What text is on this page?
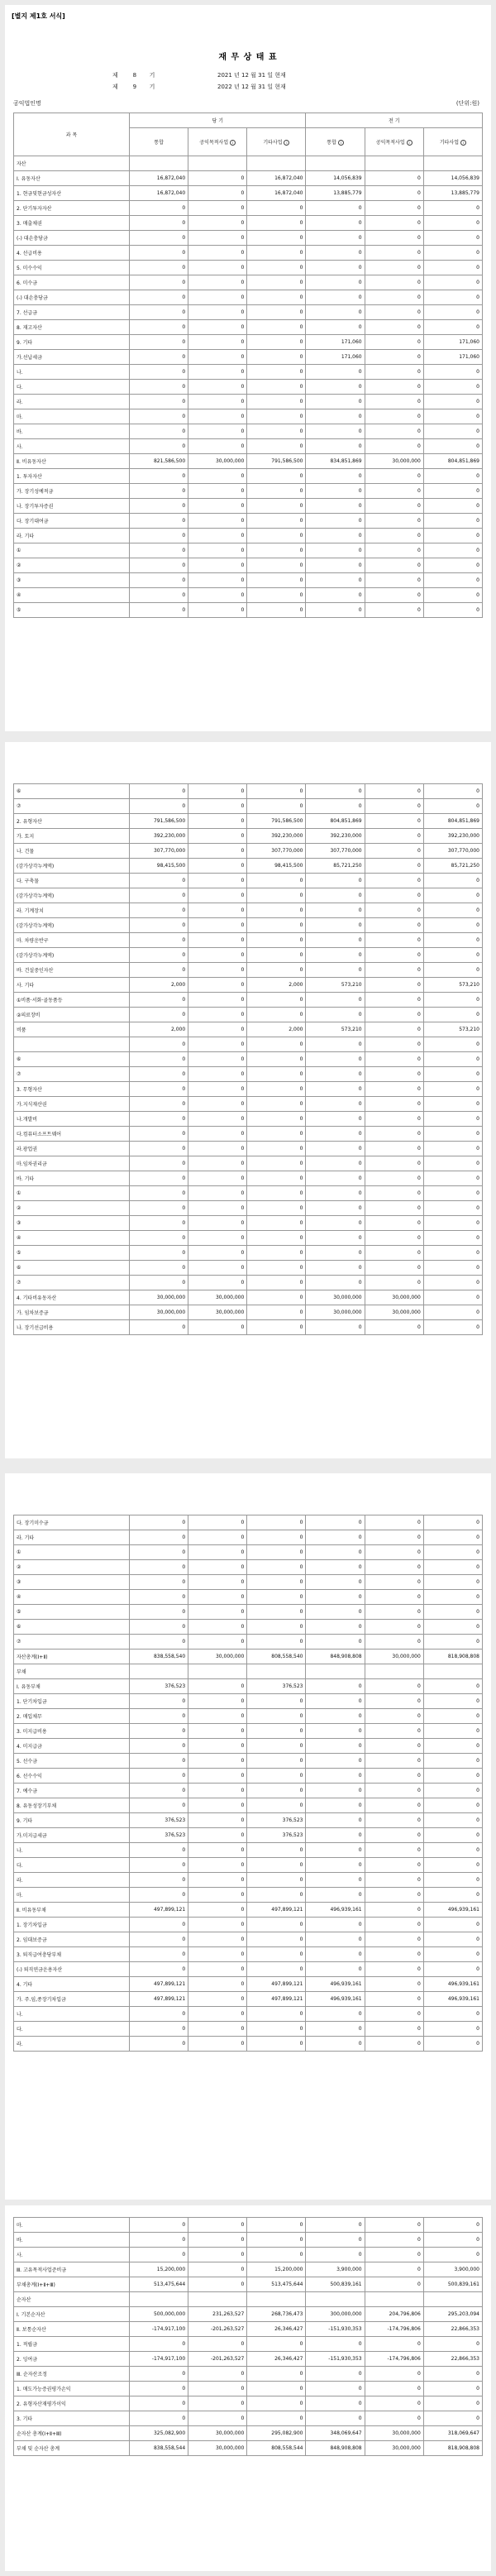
[별지 제1호 서식]
재 무 상 태 표
제        8       기                                  2021 년 12 월 31 일 현재
제        9       기                                  2022 년 12 월 31 일 현재
공익법인명	(단위:원)
과 목	당 기			전 기		
	통합	공익목적사업 i	기타사업 i	통합 i	공익목적사업 i	기타사업 i
자산						
Ⅰ. 유동자산	16,872,040	0	16,872,040	14,056,839	0	14,056,839
1. 현금및현금성자산	16,872,040	0	16,872,040	13,885,779	0	13,885,779
2. 단기투자자산	0	0	0	0	0	0
3. 매출채권	0	0	0	0	0	0
(-) 대손충당금	0	0	0	0	0	0
4. 선급비용	0	0	0	0	0	0
5. 미수수익	0	0	0	0	0	0
6. 미수금	0	0	0	0	0	0
(-) 대손충당금	0	0	0	0	0	0
7. 선급금	0	0	0	0	0	0
8. 재고자산	0	0	0	0	0	0
9. 기타	0	0	0	171,060	0	171,060
가.선납세금	0	0	0	171,060	0	171,060
나.	0	0	0	0	0	0
다.	0	0	0	0	0	0
라.	0	0	0	0	0	0
마.	0	0	0	0	0	0
바.	0	0	0	0	0	0
사.	0	0	0	0	0	0
Ⅱ. 비유동자산	821,586,500	30,000,000	791,586,500	834,851,869	30,000,000	804,851,869
1. 투자자산	0	0	0	0	0	0
가. 장기성예적금	0	0	0	0	0	0
나. 장기투자증권	0	0	0	0	0	0
다. 장기대여금	0	0	0	0	0	0
라. 기타	0	0	0	0	0	0
①	0	0	0	0	0	0
②	0	0	0	0	0	0
③	0	0	0	0	0	0
④	0	0	0	0	0	0
⑤	0	0	0	0	0	0
⑥	0	0	0	0	0	0
⑦	0	0	0	0	0	0
2. 유형자산	791,586,500	0	791,586,500	804,851,869	0	804,851,869
가. 토지	392,230,000	0	392,230,000	392,230,000	0	392,230,000
나. 건물	307,770,000	0	307,770,000	307,770,000	0	307,770,000
(감가상각누계액)	98,415,500	0	98,415,500	85,721,250	0	85,721,250
다. 구축물	0	0	0	0	0	0
(감가상각누계액)	0	0	0	0	0	0
라. 기계장치	0	0	0	0	0	0
(감가상각누계액)	0	0	0	0	0	0
마. 차량운반구	0	0	0	0	0	0
(감가상각누계액)	0	0	0	0	0	0
바. 건설중인자산	0	0	0	0	0	0
사. 기타	2,000	0	2,000	573,210	0	573,210
①비품·서화·골동품등	0	0	0	0	0	0
②의료장비	0	0	0	0	0	0
비품	2,000	0	2,000	573,210	0	573,210
	0	0	0	0	0	0
⑥	0	0	0	0	0	0
⑦	0	0	0	0	0	0
3. 무형자산	0	0	0	0	0	0
가.지식재산권	0	0	0	0	0	0
나.개발비	0	0	0	0	0	0
다.컴퓨터소프트웨어	0	0	0	0	0	0
라.광업권	0	0	0	0	0	0
마.임차권리금	0	0	0	0	0	0
바. 기타	0	0	0	0	0	0
①	0	0	0	0	0	0
②	0	0	0	0	0	0
③	0	0	0	0	0	0
④	0	0	0	0	0	0
⑤	0	0	0	0	0	0
⑥	0	0	0	0	0	0
⑦	0	0	0	0	0	0
4. 기타비유동자산	30,000,000	30,000,000	0	30,000,000	30,000,000	0
가. 임차보증금	30,000,000	30,000,000	0	30,000,000	30,000,000	0
나. 장기선급비용	0	0	0	0	0	0
다. 장기미수금	0	0	0	0	0	0
라. 기타	0	0	0	0	0	0
①	0	0	0	0	0	0
②	0	0	0	0	0	0
③	0	0	0	0	0	0
④	0	0	0	0	0	0
⑤	0	0	0	0	0	0
⑥	0	0	0	0	0	0
⑦	0	0	0	0	0	0
자산총계(Ⅰ+Ⅱ)	838,558,540	30,000,000	808,558,540	848,908,808	30,000,000	818,908,808
부채						
Ⅰ. 유동부채	376,523	0	376,523	0	0	0
1. 단기차입금	0	0	0	0	0	0
2. 매입채무	0	0	0	0	0	0
3. 미지급비용	0	0	0	0	0	0
4. 미지급금	0	0	0	0	0	0
5. 선수금	0	0	0	0	0	0
6. 선수수익	0	0	0	0	0	0
7. 예수금	0	0	0	0	0	0
8. 유동성장기부채	0	0	0	0	0	0
9. 기타	376,523	0	376,523	0	0	0
가.미지급세금	376,523	0	376,523	0	0	0
나.	0	0	0	0	0	0
다.	0	0	0	0	0	0
라.	0	0	0	0	0	0
마.	0	0	0	0	0	0
Ⅱ. 비유동부채	497,899,121	0	497,899,121	496,939,161	0	496,939,161
1. 장기차입금	0	0	0	0	0	0
2. 임대보증금	0	0	0	0	0	0
3. 퇴직급여충당부채	0	0	0	0	0	0
(-) 퇴직연금운용자산	0	0	0	0	0	0
4. 기타	497,899,121	0	497,899,121	496,939,161	0	496,939,161
가. 주.임,종장기차입금	497,899,121	0	497,899,121	496,939,161	0	496,939,161
나.	0	0	0	0	0	0
다.	0	0	0	0	0	0
라.	0	0	0	0	0	0
마.	0	0	0	0	0	0
바.	0	0	0	0	0	0
사.	0	0	0	0	0	0
Ⅲ. 고유목적사업준비금	15,200,000	0	15,200,000	3,900,000	0	3,900,000
부채총계(Ⅰ+Ⅱ+Ⅲ)	513,475,644	0	513,475,644	500,839,161	0	500,839,161
순자산						
Ⅰ. 기본순자산	500,000,000	231,263,527	268,736,473	300,000,000	204,796,806	295,203,094
Ⅱ. 보통순자산	-174,917,100	-201,263,527	26,346,427	-151,930,353	-174,796,806	22,866,353
1. 적립금	0	0	0	0	0	0
2. 잉여금	-174,917,100	-201,263,527	26,346,427	-151,930,353	-174,796,806	22,866,353
Ⅲ. 순자산조정	0	0	0	0	0	0
1. 매도가능증권평가손익	0	0	0	0	0	0
2. 유형자산재평가이익	0	0	0	0	0	0
3. 기타	0	0	0	0	0	0
순자산 총계(Ⅰ+Ⅱ+Ⅲ)	325,082,900	30,000,000	295,082,900	348,069,647	30,000,000	318,069,647
부채 및 순자산 총계	838,558,544	30,000,000	808,558,544	848,908,808	30,000,000	818,908,808
